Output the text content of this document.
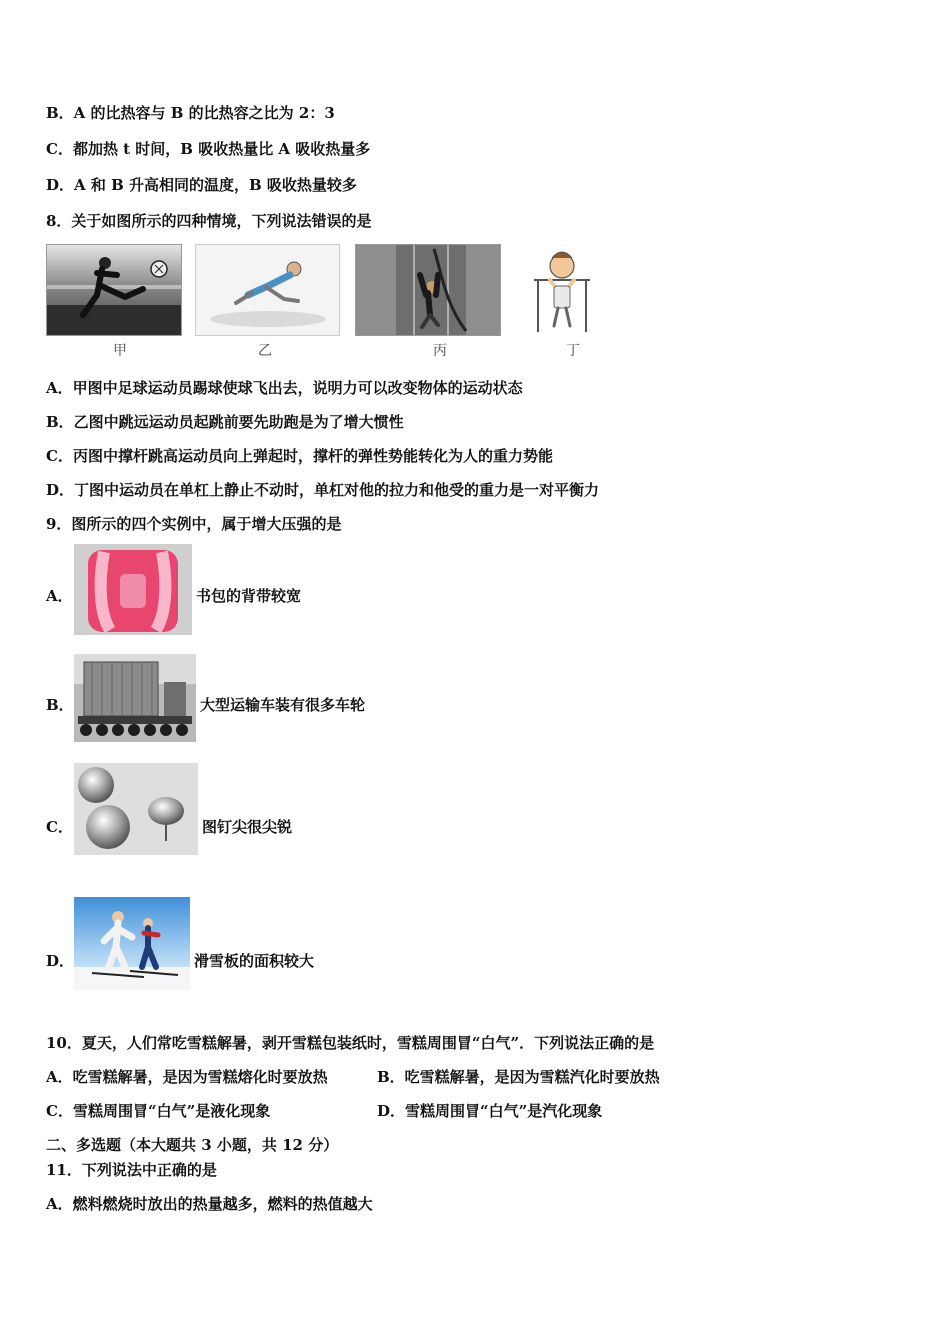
B．A 的比热容与 B 的比热容之比为 2：3
C．都加热 t 时间，B 吸收热量比 A 吸收热量多
D．A 和 B 升高相同的温度，B 吸收热量较多
8．关于如图所示的四种情境，下列说法错误的是
甲	乙	丙	丁
A．甲图中足球运动员踢球使球飞出去，说明力可以改变物体的运动状态
B．乙图中跳远运动员起跳前要先助跑是为了增大惯性
C．丙图中撑杆跳高运动员向上弹起时，撑杆的弹性势能转化为人的重力势能
D．丁图中运动员在单杠上静止不动时，单杠对他的拉力和他受的重力是一对平衡力
9．图所示的四个实例中，属于增大压强的是
A．	书包的背带较宽
B．	大型运输车装有很多车轮
C．	图钉尖很尖锐
D．	滑雪板的面积较大
10．夏天，人们常吃雪糕解暑，剥开雪糕包装纸时，雪糕周围冒“白气”．下列说法正确的是
A．吃雪糕解暑，是因为雪糕熔化时要放热	B．吃雪糕解暑，是因为雪糕汽化时要放热
C．雪糕周围冒“白气”是液化现象	D．雪糕周围冒“白气”是汽化现象
二、多选题（本大题共 3 小题，共 12 分）
11．下列说法中正确的是
A．燃料燃烧时放出的热量越多，燃料的热值越大
